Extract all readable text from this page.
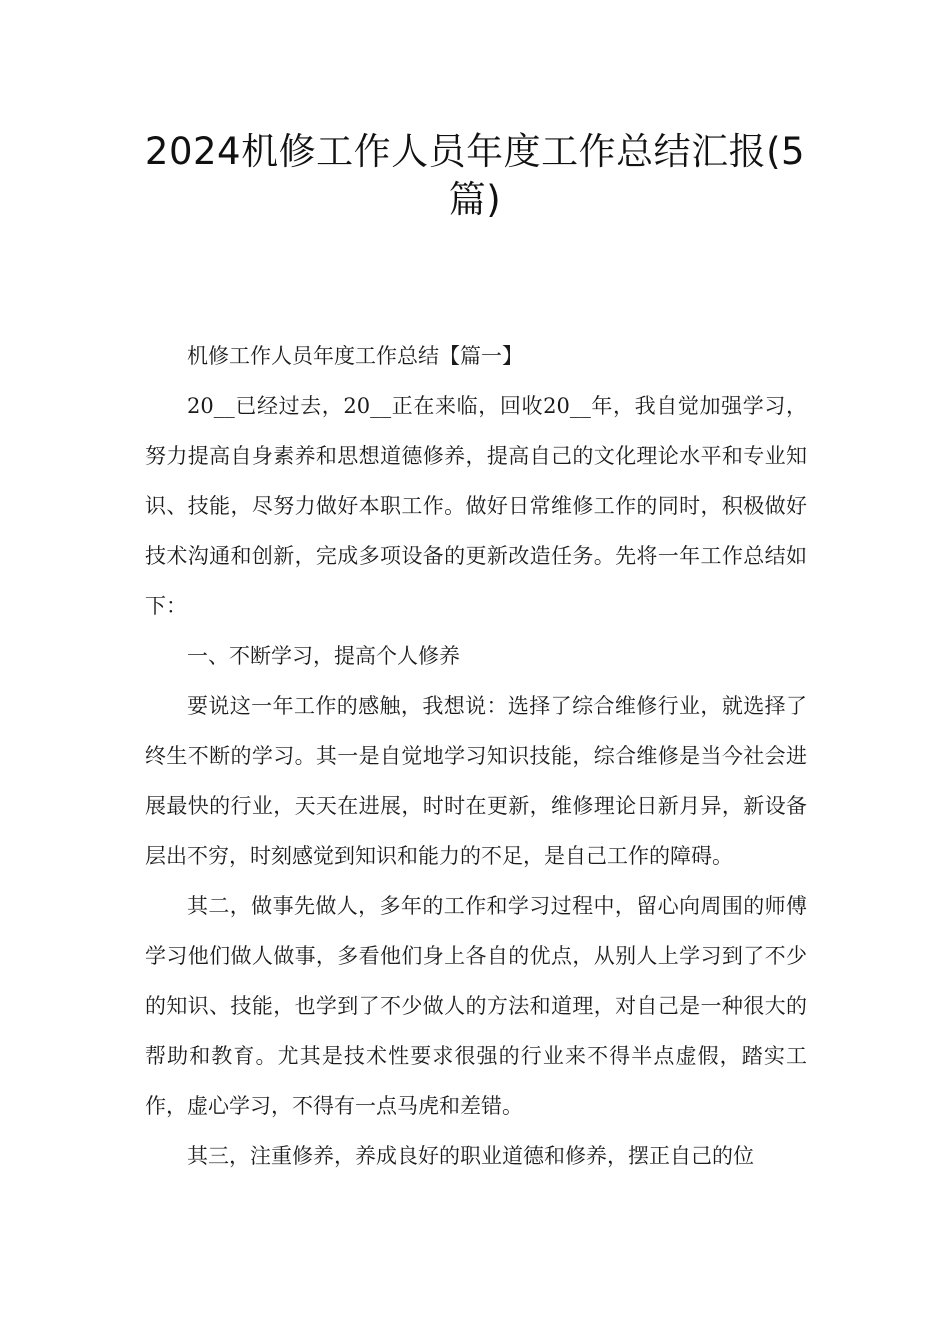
2024机修工作人员年度工作总结汇报(5篇)

机修工作人员年度工作总结【篇一】

20__已经过去，20__正在来临，回收20__年，我自觉加强学习，努力提高自身素养和思想道德修养，提高自己的文化理论水平和专业知识、技能，尽努力做好本职工作。做好日常维修工作的同时，积极做好技术沟通和创新，完成多项设备的更新改造任务。先将一年工作总结如下：

一、不断学习，提高个人修养

要说这一年工作的感触，我想说：选择了综合维修行业，就选择了终生不断的学习。其一是自觉地学习知识技能，综合维修是当今社会进展最快的行业，天天在进展，时时在更新，维修理论日新月异，新设备层出不穷，时刻感觉到知识和能力的不足，是自己工作的障碍。

其二，做事先做人，多年的工作和学习过程中，留心向周围的师傅学习他们做人做事，多看他们身上各自的优点，从别人上学习到了不少的知识、技能，也学到了不少做人的方法和道理，对自己是一种很大的帮助和教育。尤其是技术性要求很强的行业来不得半点虚假，踏实工作，虚心学习，不得有一点马虎和差错。

其三，注重修养，养成良好的职业道德和修养，摆正自己的位
